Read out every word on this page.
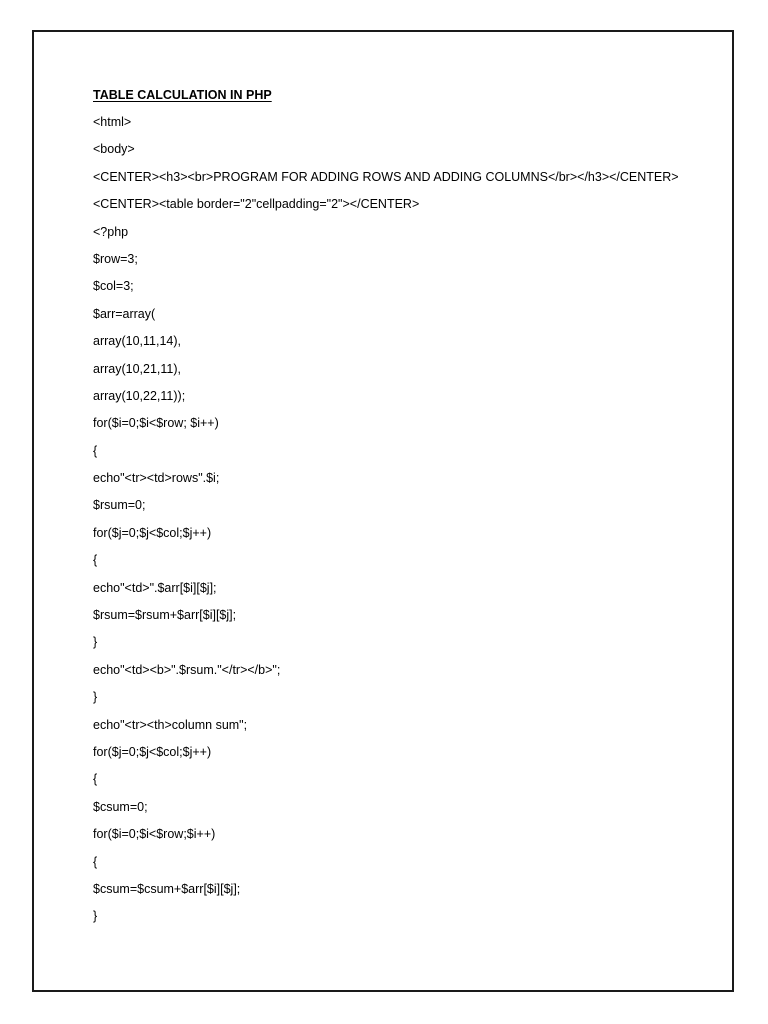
TABLE CALCULATION IN PHP
<html>
<body>
<CENTER><h3><br>PROGRAM FOR ADDING ROWS AND ADDING COLUMNS</br></h3></CENTER>
<CENTER><table border="2"cellpadding="2"></CENTER>
<?php
$row=3;
$col=3;
$arr=array(
array(10,11,14),
array(10,21,11),
array(10,22,11));
for($i=0;$i<$row; $i++)
{
echo"<tr><td>rows".$i;
$rsum=0;
for($j=0;$j<$col;$j++)
{
echo"<td>".$arr[$i][$j];
$rsum=$rsum+$arr[$i][$j];
}
echo"<td><b>".$rsum."</tr></b>";
}
echo"<tr><th>column sum";
for($j=0;$j<$col;$j++)
{
$csum=0;
for($i=0;$i<$row;$i++)
{
$csum=$csum+$arr[$i][$j];
}
